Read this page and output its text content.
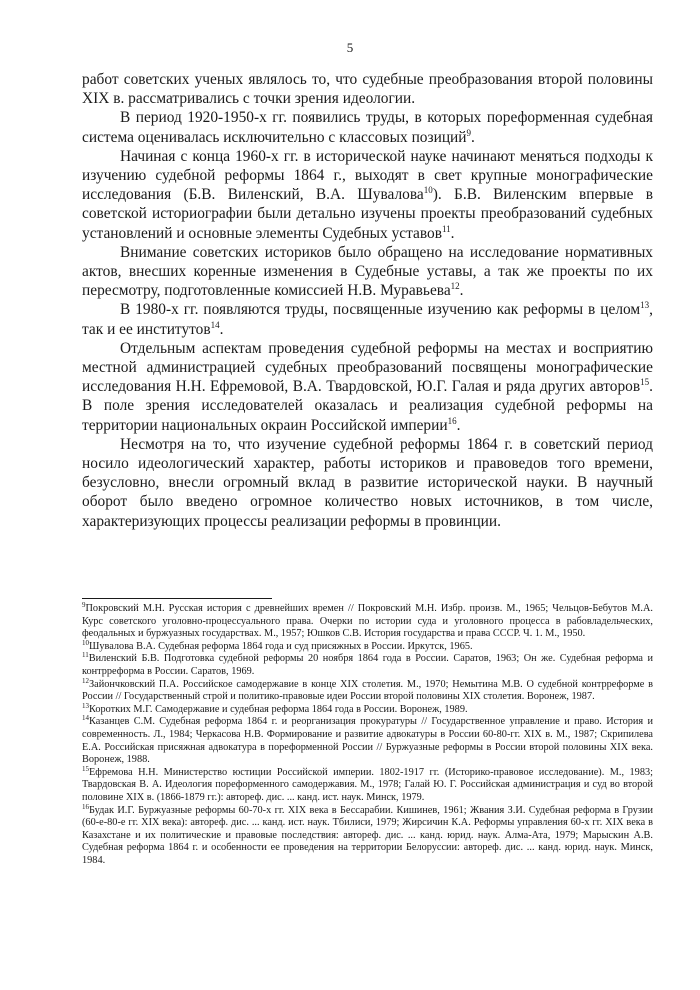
5

работ советских ученых являлось то, что судебные преобразования второй половины XIX в. рассматривались с точки зрения идеологии.

В период 1920-1950-х гг. появились труды, в которых пореформенная судебная система оценивалась исключительно с классовых позиций$^9$.

Начиная с конца 1960-х гг. в исторической науке начинают меняться подходы к изучению судебной реформы 1864 г., выходят в свет крупные монографические исследования (Б.В. Виленский, В.А. Шувалова$^{10}$). Б.В. Виленским впервые в советской историографии были детально изучены проекты преобразований судебных установлений и основные элементы Судебных уставов$^{11}$.

Внимание советских историков было обращено на исследование нормативных актов, внесших коренные изменения в Судебные уставы, а так же проекты по их пересмотру, подготовленные комиссией Н.В. Муравьева$^{12}$.

В 1980-х гг. появляются труды, посвященные изучению как реформы в целом$^{13}$, так и ее институтов$^{14}$.

Отдельным аспектам проведения судебной реформы на местах и восприятию местной администрацией судебных преобразований посвящены монографические исследования Н.Н. Ефремовой, В.А. Твардовской, Ю.Г. Галая и ряда других авторов$^{15}$. В поле зрения исследователей оказалась и реализация судебной реформы на территории национальных окраин Российской империи$^{16}$.

Несмотря на то, что изучение судебной реформы 1864 г. в советский период носило идеологический характер, работы историков и правоведов того времени, безусловно, внесли огромный вклад в развитие исторической науки. В научный оборот было введено огромное количество новых источников, в том числе, характеризующих процессы реализации реформы в провинции.

$^9$Покровский М.Н. Русская история с древнейших времен // Покровский М.Н. Избр. произв. М., 1965; Чельцов-Бебутов М.А. Курс советского уголовно-процессуального права. Очерки по истории суда и уголовного процесса в рабовладельческих, феодальных и буржуазных государствах. М., 1957; Юшков С.В. История государства и права СССР. Ч. 1. М., 1950.

$^{10}$Шувалова В.А. Судебная реформа 1864 года и суд присяжных в России. Иркутск, 1965.

$^{11}$Виленский Б.В. Подготовка судебной реформы 20 ноября 1864 года в России. Саратов, 1963; Он же. Судебная реформа и контрреформа в России. Саратов, 1969.

$^{12}$Зайончковский П.А. Российское самодержавие в конце XIX столетия. М., 1970; Немытина М.В. О судебной контрреформе в России // Государственный строй и политико-правовые идеи России второй половины XIX столетия. Воронеж, 1987.

$^{13}$Коротких М.Г. Самодержавие и судебная реформа 1864 года в России. Воронеж, 1989.

$^{14}$Казанцев С.М. Судебная реформа 1864 г. и реорганизация прокуратуры // Государственное управление и право. История и современность. Л., 1984; Черкасова Н.В. Формирование и развитие адвокатуры в России 60-80-гг. XIX в. М., 1987; Скрипилева Е.А. Российская присяжная адвокатура в пореформенной России // Буржуазные реформы в России второй половины XIX века. Воронеж, 1988.

$^{15}$Ефремова Н.Н. Министерство юстиции Российской империи. 1802-1917 гг. (Историко-правовое исследование). М., 1983; Твардовская В. А. Идеология пореформенного самодержавия. М., 1978; Галай Ю. Г. Российская администрация и суд во второй половине XIX в. (1866-1879 гг.): автореф. дис. ... канд. ист. наук. Минск, 1979.

$^{16}$Будак И.Г. Буржуазные реформы 60-70-х гг. XIX века в Бессарабии. Кишинев, 1961; Жвания З.И. Судебная реформа в Грузии (60-е-80-е гг. XIX века): автореф. дис. ... канд. ист. наук. Тбилиси, 1979; Жирсичин К.А. Реформы управления 60-х гг. XIX века в Казахстане и их политические и правовые последствия: автореф. дис. ... канд. юрид. наук. Алма-Ата, 1979; Марыскин А.В. Судебная реформа 1864 г. и особенности ее проведения на территории Белоруссии: автореф. дис. ... канд. юрид. наук. Минск, 1984.
